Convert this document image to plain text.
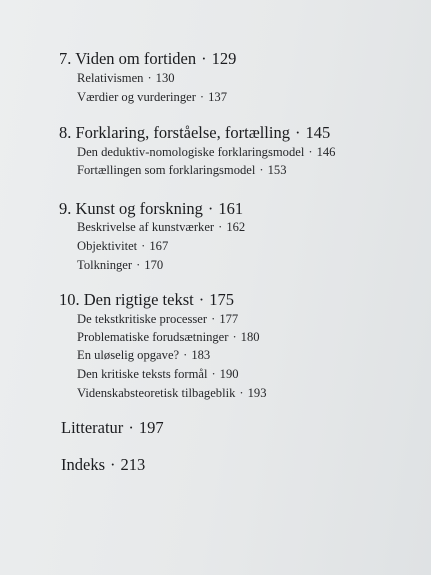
7. Viden om fortiden · 129
Relativismen · 130
Værdier og vurderinger · 137
8. Forklaring, forståelse, fortælling · 145
Den deduktiv-nomologiske forklaringsmodel · 146
Fortællingen som forklaringsmodel · 153
9. Kunst og forskning · 161
Beskrivelse af kunstværker · 162
Objektivitet · 167
Tolkninger · 170
10. Den rigtige tekst · 175
De tekstkritiske processer · 177
Problematiske forudsætninger · 180
En uløselig opgave? · 183
Den kritiske teksts formål · 190
Videnskabsteoretisk tilbageblik · 193
Litteratur · 197
Indeks · 213
